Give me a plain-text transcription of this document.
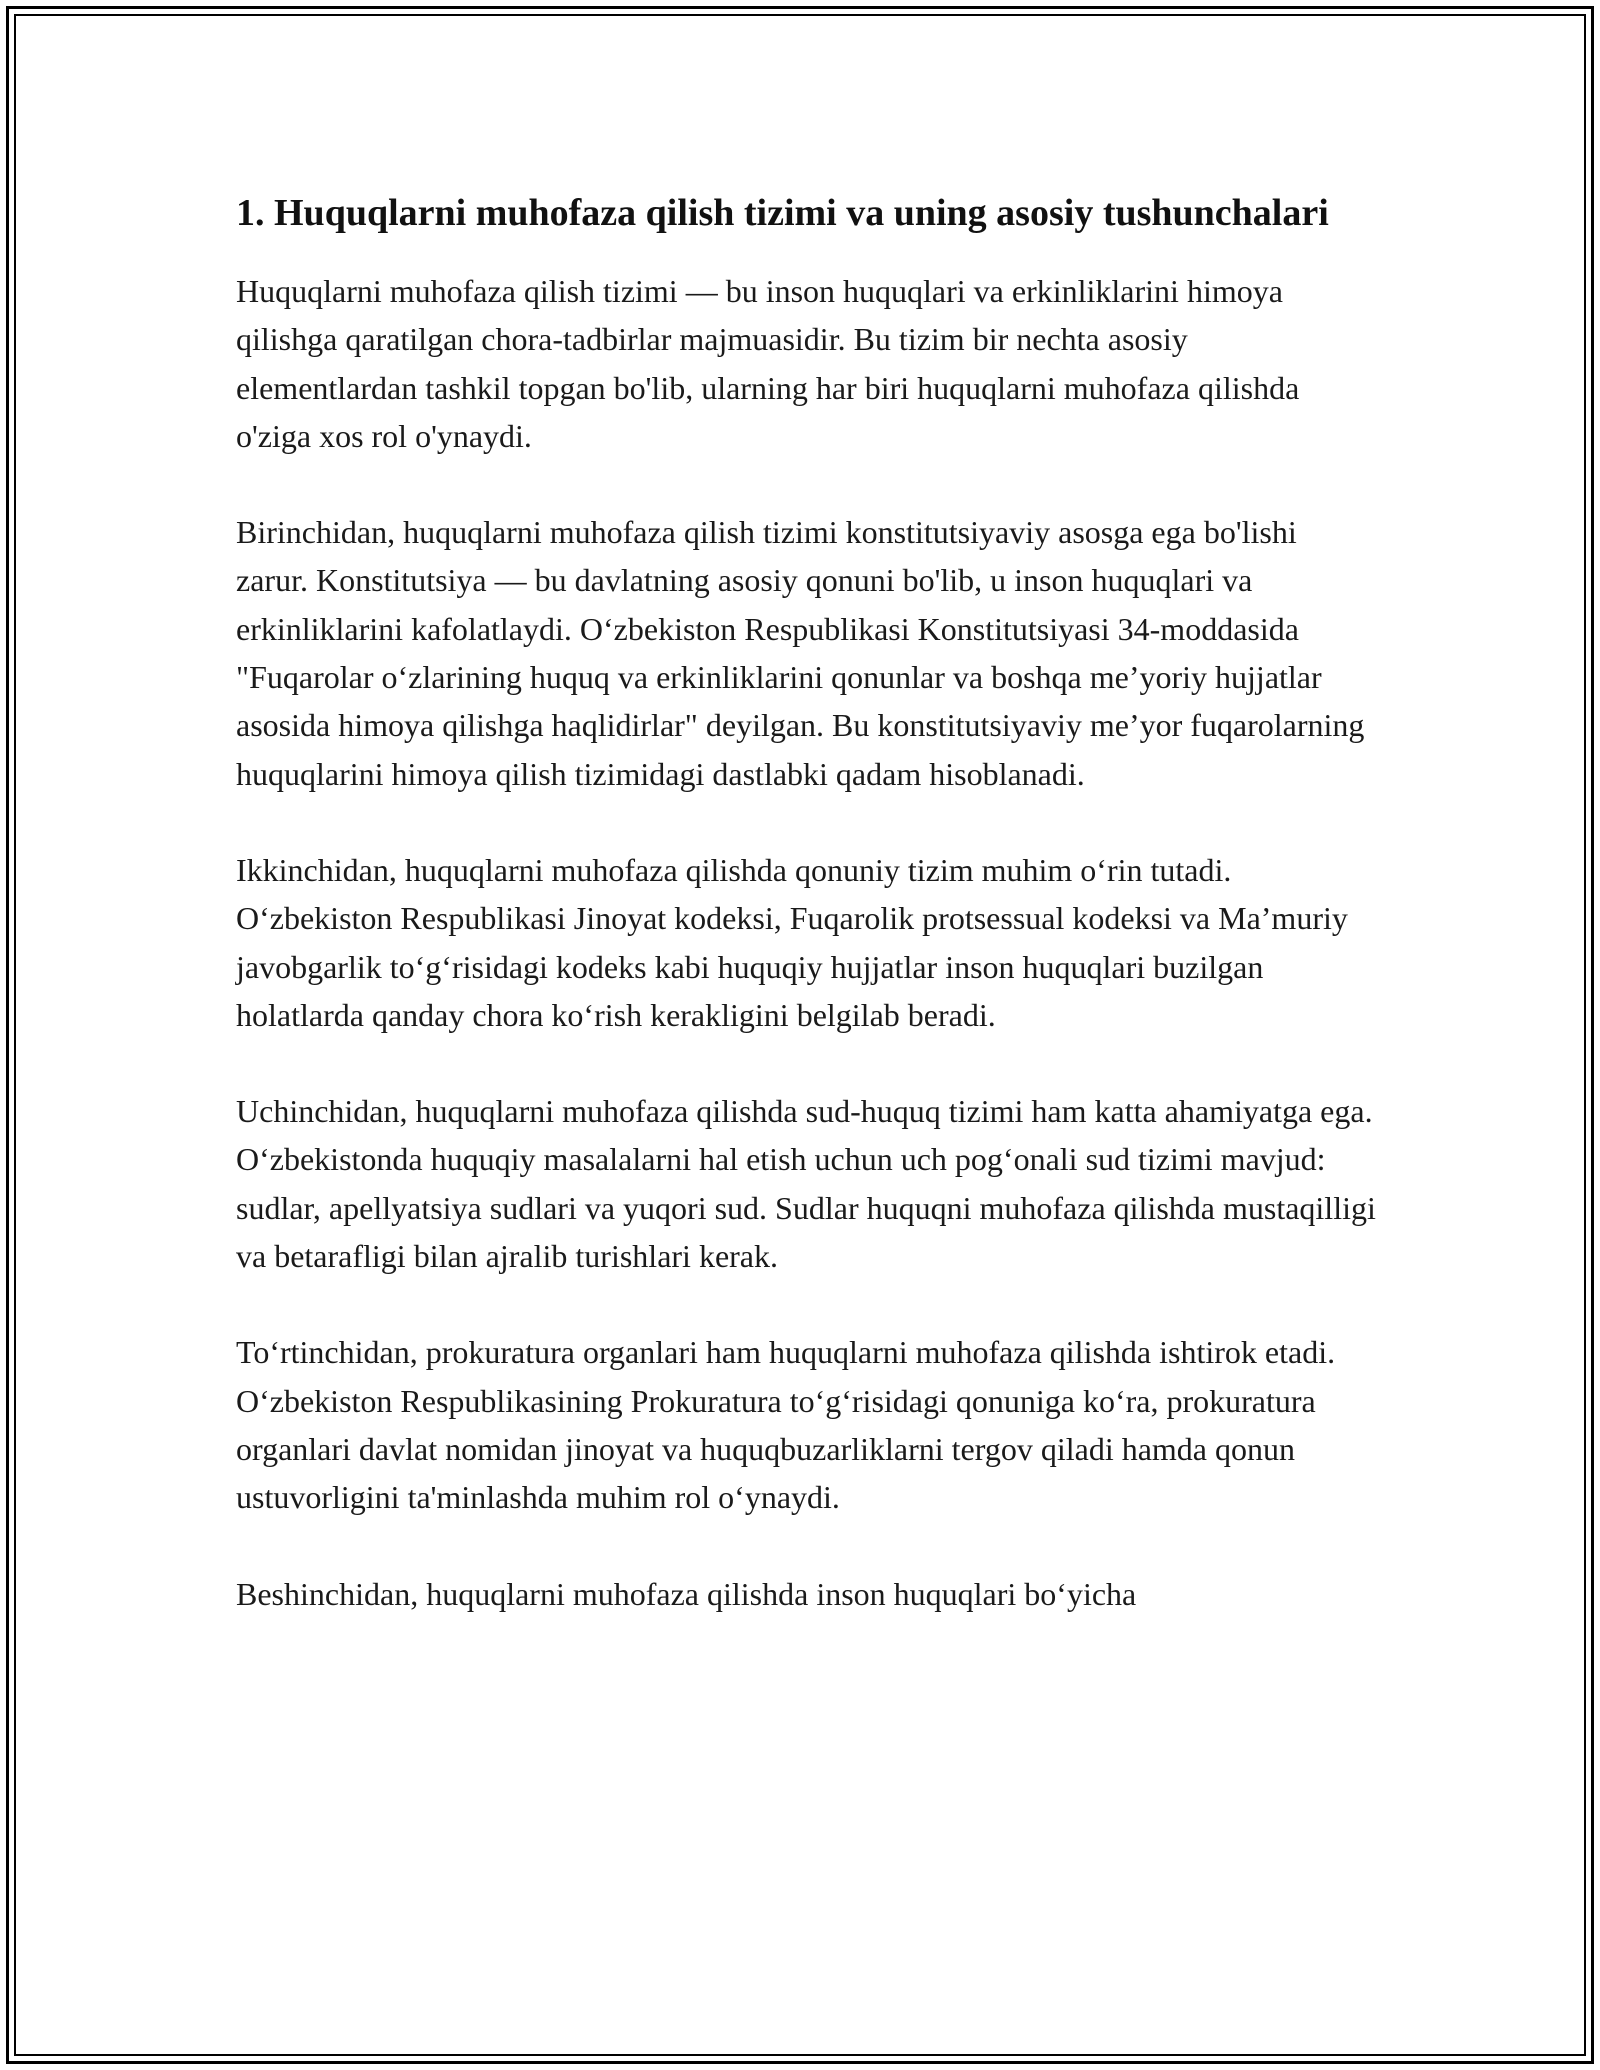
1. Huquqlarni muhofaza qilish tizimi va uning asosiy tushunchalari

Huquqlarni muhofaza qilish tizimi — bu inson huquqlari va erkinliklarini himoya qilishga qaratilgan chora-tadbirlar majmuasidir. Bu tizim bir nechta asosiy elementlardan tashkil topgan bo'lib, ularning har biri huquqlarni muhofaza qilishda o'ziga xos rol o'ynaydi.

Birinchidan, huquqlarni muhofaza qilish tizimi konstitutsiyaviy asosga ega bo'lishi zarur. Konstitutsiya — bu davlatning asosiy qonuni bo'lib, u inson huquqlari va erkinliklarini kafolatlaydi. O‘zbekiston Respublikasi Konstitutsiyasi 34-moddasida "Fuqarolar o‘zlarining huquq va erkinliklarini qonunlar va boshqa me’yoriy hujjatlar asosida himoya qilishga haqlidirlar" deyilgan. Bu konstitutsiyaviy me’yor fuqarolarning huquqlarini himoya qilish tizimidagi dastlabki qadam hisoblanadi.

Ikkinchidan, huquqlarni muhofaza qilishda qonuniy tizim muhim o‘rin tutadi. O‘zbekiston Respublikasi Jinoyat kodeksi, Fuqarolik protsessual kodeksi va Ma’muriy javobgarlik to‘g‘risidagi kodeks kabi huquqiy hujjatlar inson huquqlari buzilgan holatlarda qanday chora ko‘rish kerakligini belgilab beradi.

Uchinchidan, huquqlarni muhofaza qilishda sud-huquq tizimi ham katta ahamiyatga ega. O‘zbekistonda huquqiy masalalarni hal etish uchun uch pog‘onali sud tizimi mavjud: sudlar, apellyatsiya sudlari va yuqori sud. Sudlar huquqni muhofaza qilishda mustaqilligi va betarafligi bilan ajralib turishlari kerak.

To‘rtinchidan, prokuratura organlari ham huquqlarni muhofaza qilishda ishtirok etadi. O‘zbekiston Respublikasining Prokuratura to‘g‘risidagi qonuniga ko‘ra, prokuratura organlari davlat nomidan jinoyat va huquqbuzarliklarni tergov qiladi hamda qonun ustuvorligini ta'minlashda muhim rol o‘ynaydi.

Beshinchidan, huquqlarni muhofaza qilishda inson huquqlari bo‘yicha
